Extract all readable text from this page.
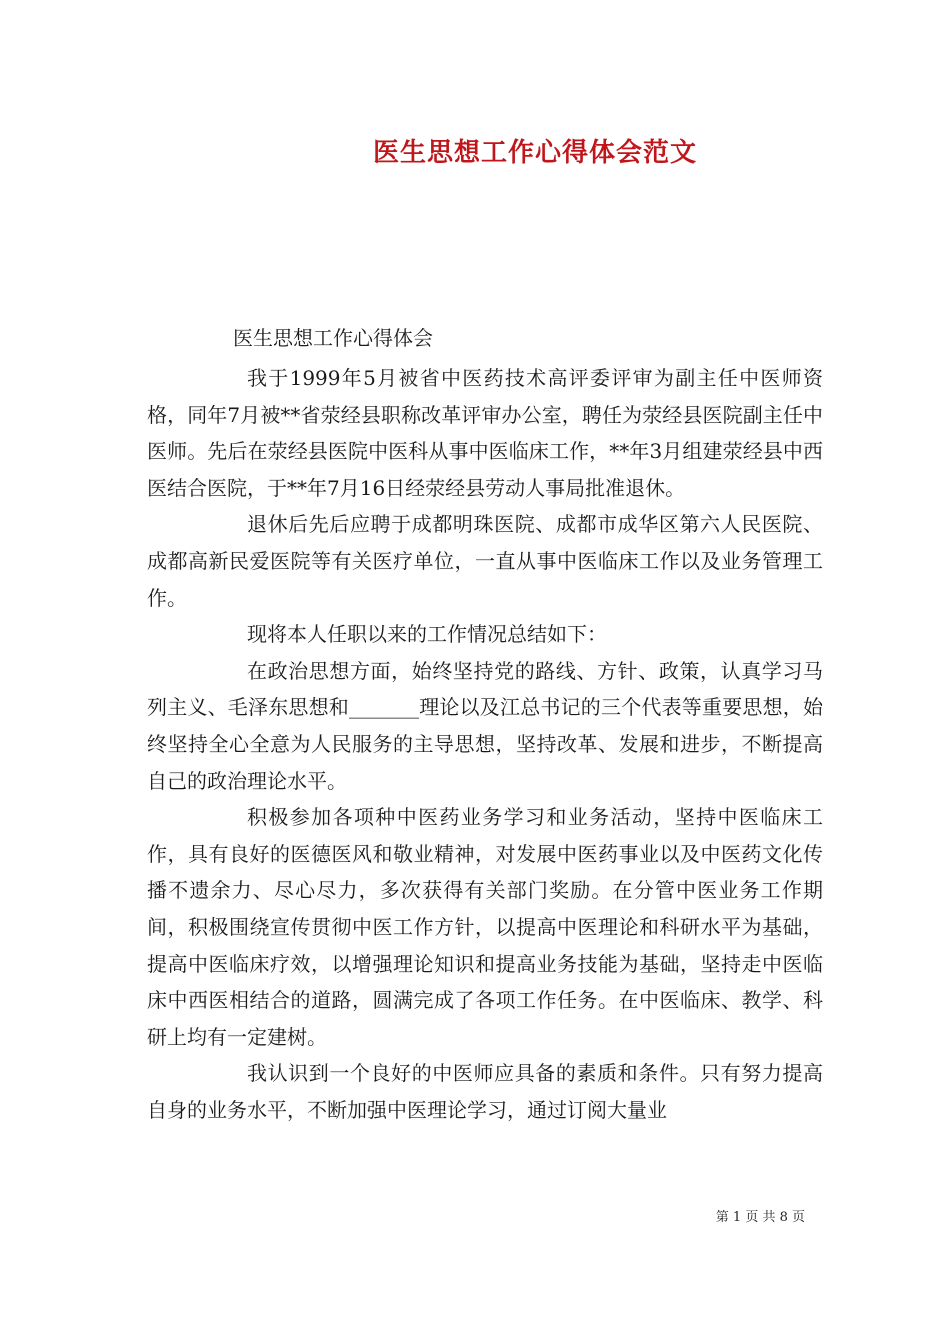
医生思想工作心得体会范文
医生思想工作心得体会

我于1999年5月被省中医药技术高评委评审为副主任中医师资格，同年7月被**省荥经县职称改革评审办公室，聘任为荥经县医院副主任中医师。先后在荥经县医院中医科从事中医临床工作，**年3月组建荥经县中西医结合医院，于**年7月16日经荥经县劳动人事局批准退休。

退休后先后应聘于成都明珠医院、成都市成华区第六人民医院、成都高新民爱医院等有关医疗单位，一直从事中医临床工作以及业务管理工作。

现将本人任职以来的工作情况总结如下：

在政治思想方面，始终坚持党的路线、方针、政策，认真学习马列主义、毛泽东思想和_______理论以及江总书记的三个代表等重要思想，始终坚持全心全意为人民服务的主导思想，坚持改革、发展和进步，不断提高自己的政治理论水平。

积极参加各项种中医药业务学习和业务活动，坚持中医临床工作，具有良好的医德医风和敬业精神，对发展中医药事业以及中医药文化传播不遗余力、尽心尽力，多次获得有关部门奖励。在分管中医业务工作期间，积极围绕宣传贯彻中医工作方针，以提高中医理论和科研水平为基础，提高中医临床疗效，以增强理论知识和提高业务技能为基础，坚持走中医临床中西医相结合的道路，圆满完成了各项工作任务。在中医临床、教学、科研上均有一定建树。

我认识到一个良好的中医师应具备的素质和条件。只有努力提高自身的业务水平，不断加强中医理论学习，通过订阅大量业

第 1 页 共 8 页
